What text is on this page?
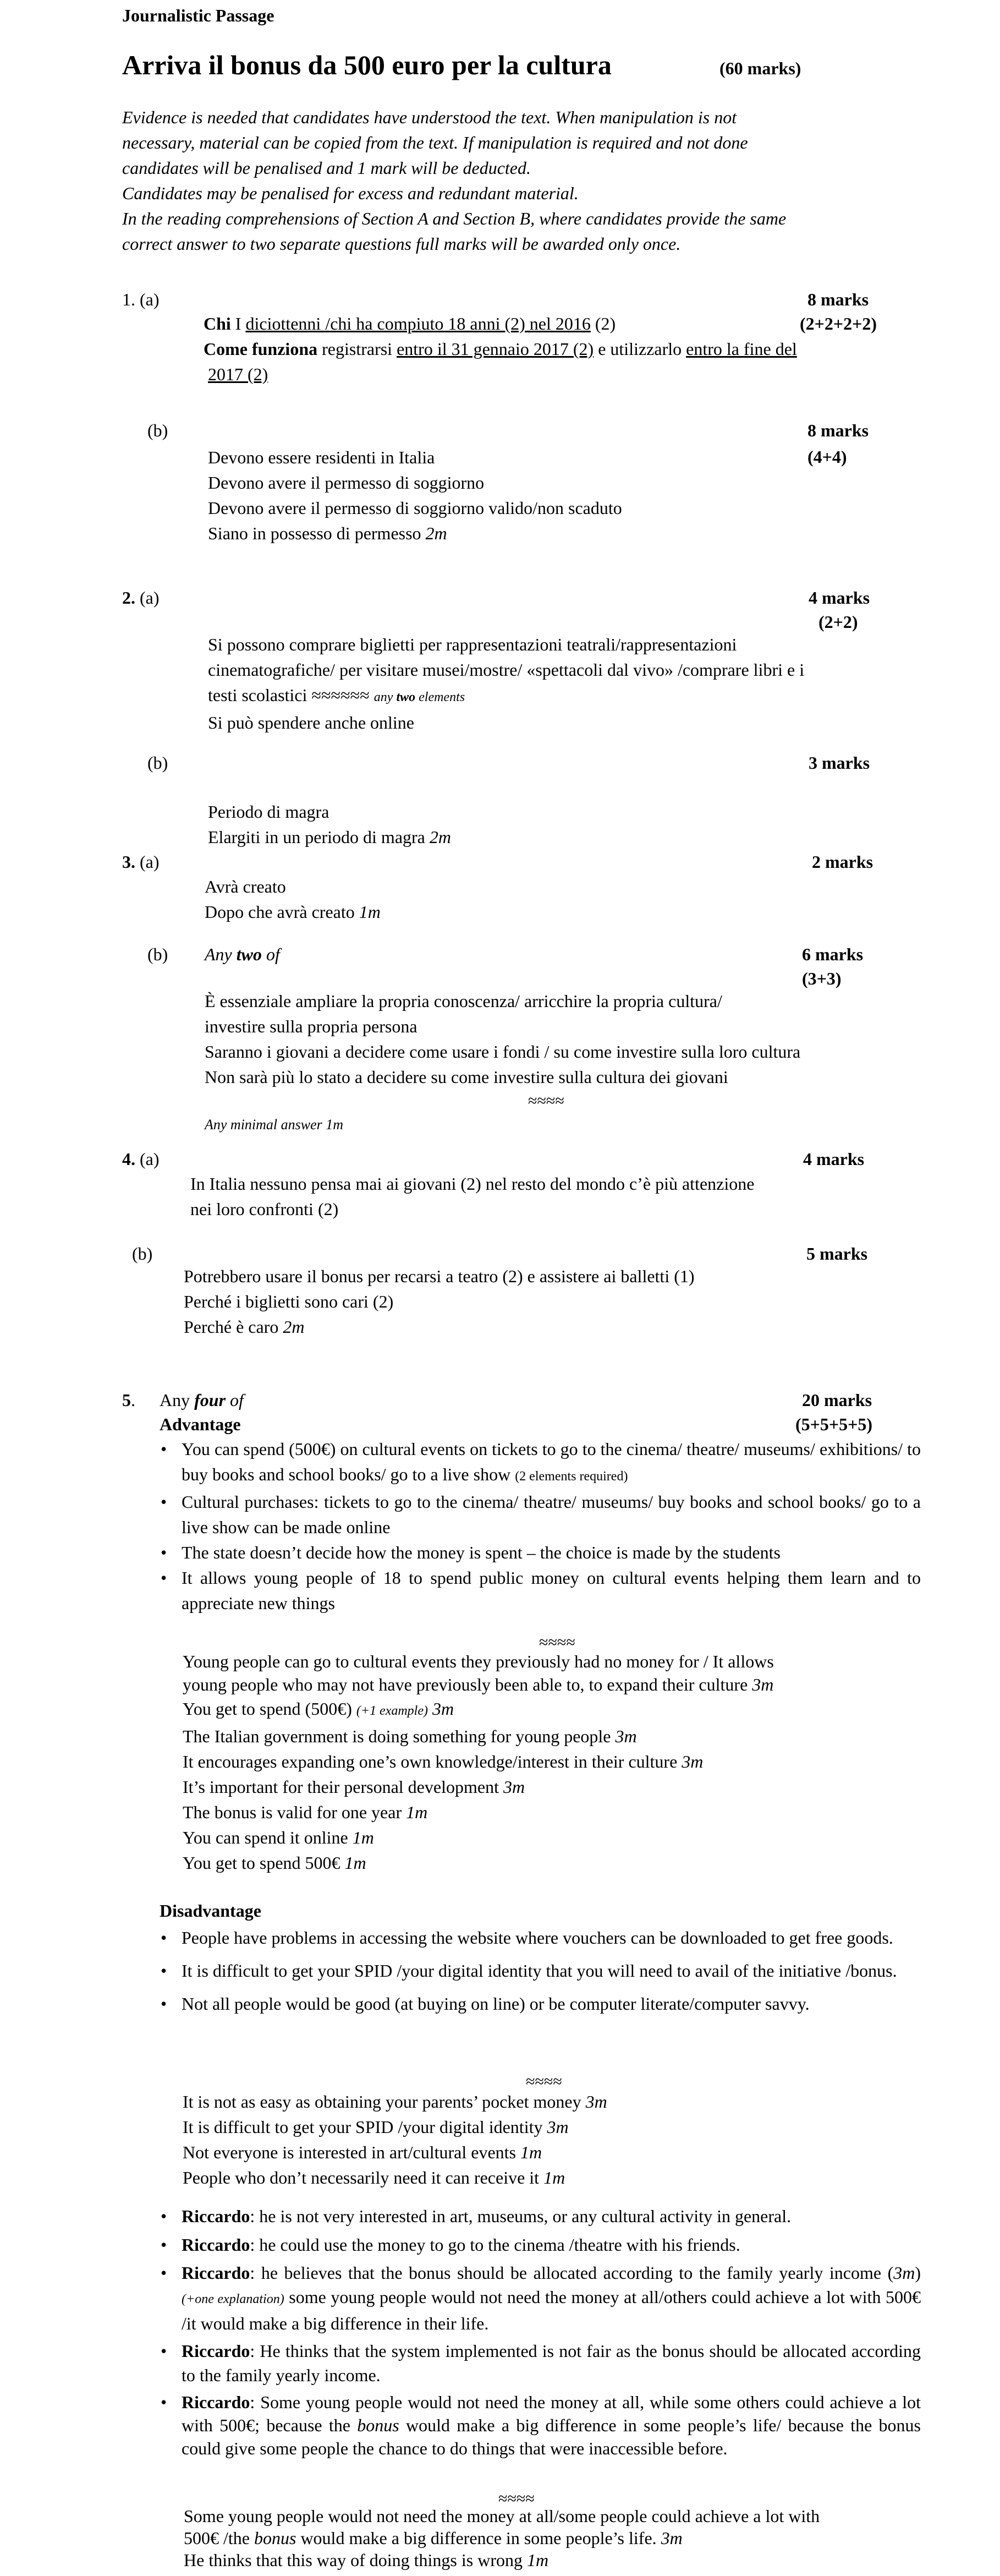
Journalistic Passage
Arriva il bonus da 500 euro per la cultura	(60 marks)
Evidence is needed that candidates have understood the text. When manipulation is not
necessary, material can be copied from the text. If manipulation is required and not done
candidates will be penalised and 1 mark will be deducted.
Candidates may be penalised for excess and redundant material.
In the reading comprehensions of Section A and Section B, where candidates provide the same
correct answer to two separate questions full marks will be awarded only once.
1. (a)	8 marks
(2+2+2+2)
Chi I diciottenni /chi ha compiuto 18 anni (2) nel 2016 (2)
Come funziona registrarsi entro il 31 gennaio 2017 (2) e utilizzarlo entro la fine del
2017 (2)
(b)	8 marks
(4+4)
Devono essere residenti in Italia
Devono avere il permesso di soggiorno
Devono avere il permesso di soggiorno valido/non scaduto
Siano in possesso di permesso 2m
2. (a)	4 marks
(2+2)
Si possono comprare biglietti per rappresentazioni teatrali/rappresentazioni
cinematografiche/ per visitare musei/mostre/ «spettacoli dal vivo» /comprare libri e i
testi scolastici ≈≈≈≈≈≈ any two elements
Si può spendere anche online
(b)	3 marks
Periodo di magra
Elargiti in un periodo di magra 2m
3. (a)	2 marks
Avrà creato
Dopo che avrà creato 1m
(b) Any two of	6 marks
(3+3)
È essenziale ampliare la propria conoscenza/ arricchire la propria cultura/
investire sulla propria persona
Saranno i giovani a decidere come usare i fondi / su come investire sulla loro cultura
Non sarà più lo stato a decidere su come investire sulla cultura dei giovani
≈≈≈≈
Any minimal answer 1m
4. (a)	4 marks
In Italia nessuno pensa mai ai giovani (2) nel resto del mondo c’è più attenzione
nei loro confronti (2)
(b)	5 marks
Potrebbero usare il bonus per recarsi a teatro (2) e assistere ai balletti (1)
Perché i biglietti sono cari (2)
Perché è caro 2m
5. Any four of	20 marks
(5+5+5+5)
Advantage
• You can spend (500€) on cultural events on tickets to go to the cinema/ theatre/ museums/ exhibitions/ to buy books and school books/ go to a live show (2 elements required)
• Cultural purchases: tickets to go to the cinema/ theatre/ museums/ buy books and school books/ go to a live show can be made online
• The state doesn’t decide how the money is spent – the choice is made by the students
• It allows young people of 18 to spend public money on cultural events helping them learn and to appreciate new things
≈≈≈≈
Young people can go to cultural events they previously had no money for / It allows
young people who may not have previously been able to, to expand their culture 3m
You get to spend (500€) (+1 example) 3m
The Italian government is doing something for young people 3m
It encourages expanding one’s own knowledge/interest in their culture 3m
It’s important for their personal development 3m
The bonus is valid for one year 1m
You can spend it online 1m
You get to spend 500€ 1m
Disadvantage
• People have problems in accessing the website where vouchers can be downloaded to get free goods.
• It is difficult to get your SPID /your digital identity that you will need to avail of the initiative /bonus.
• Not all people would be good (at buying on line) or be computer literate/computer savvy.
≈≈≈≈
It is not as easy as obtaining your parents’ pocket money 3m
It is difficult to get your SPID /your digital identity 3m
Not everyone is interested in art/cultural events 1m
People who don’t necessarily need it can receive it 1m
• Riccardo: he is not very interested in art, museums, or any cultural activity in general.
• Riccardo: he could use the money to go to the cinema /theatre with his friends.
• Riccardo: he believes that the bonus should be allocated according to the family yearly income (3m) (+one explanation) some young people would not need the money at all/others could achieve a lot with 500€ /it would make a big difference in their life.
• Riccardo: He thinks that the system implemented is not fair as the bonus should be allocated according to the family yearly income.
• Riccardo: Some young people would not need the money at all, while some others could achieve a lot with 500€; because the bonus would make a big difference in some people’s life/ because the bonus could give some people the chance to do things that were inaccessible before.
≈≈≈≈
Some young people would not need the money at all/some people could achieve a lot with
500€ /the bonus would make a big difference in some people’s life. 3m
He thinks that this way of doing things is wrong 1m
